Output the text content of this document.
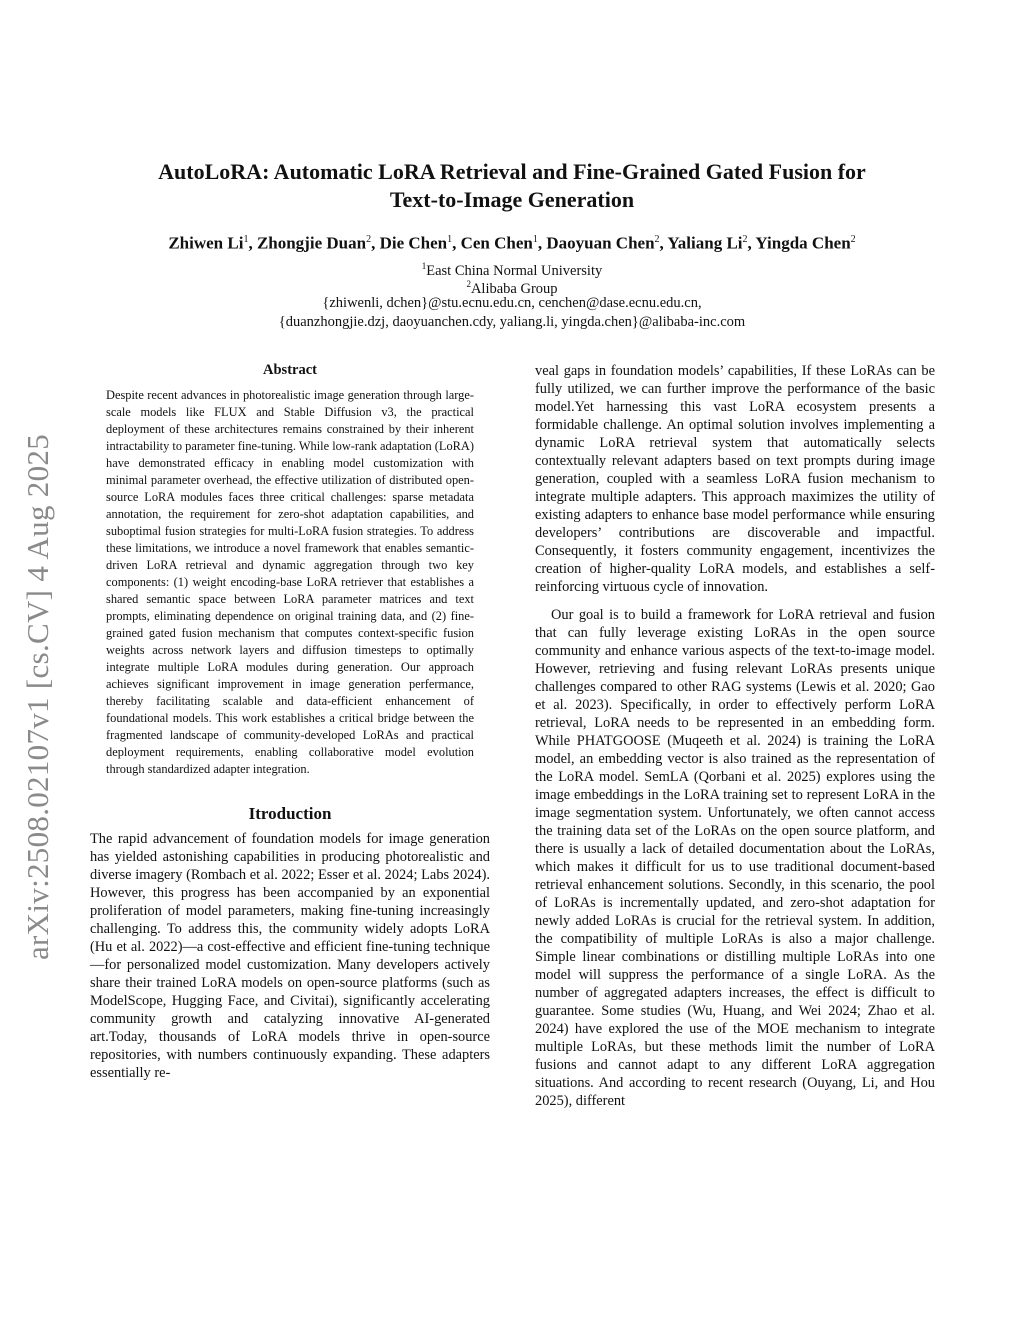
arXiv:2508.02107v1 [cs.CV] 4 Aug 2025
AutoLoRA: Automatic LoRA Retrieval and Fine-Grained Gated Fusion for
Text-to-Image Generation
Zhiwen Li$^1$, Zhongjie Duan$^2$, Die Chen$^1$, Cen Chen$^1$, Daoyuan Chen$^2$, Yaliang Li$^2$, Yingda Chen$^2$
$^1$East China Normal University
$^2$Alibaba Group
{zhiwenli, dchen}@stu.ecnu.edu.cn, cenchen@dase.ecnu.edu.cn,
{duanzhongjie.dzj, daoyuanchen.cdy, yaliang.li, yingda.chen}@alibaba-inc.com
Abstract

Despite recent advances in photorealistic image generation through large-scale models like FLUX and Stable Diffusion v3, the practical deployment of these architectures remains constrained by their inherent intractability to parameter fine-tuning. While low-rank adaptation (LoRA) have demonstrated efficacy in enabling model customization with minimal parameter overhead, the effective utilization of distributed open-source LoRA modules faces three critical challenges: sparse metadata annotation, the requirement for zero-shot adaptation capabilities, and suboptimal fusion strategies for multi-LoRA fusion strategies. To address these limitations, we introduce a novel framework that enables semantic-driven LoRA retrieval and dynamic aggregation through two key components: (1) weight encoding-base LoRA retriever that establishes a shared semantic space between LoRA parameter matrices and text prompts, eliminating dependence on original training data, and (2) fine-grained gated fusion mechanism that computes context-specific fusion weights across network layers and diffusion timesteps to optimally integrate multiple LoRA modules during generation. Our approach achieves significant improvement in image generation perfermance, thereby facilitating scalable and data-efficient enhancement of foundational models. This work establishes a critical bridge between the fragmented landscape of community-developed LoRAs and practical deployment requirements, enabling collaborative model evolution through standardized adapter integration.

Itroduction

The rapid advancement of foundation models for image generation has yielded astonishing capabilities in producing photorealistic and diverse imagery (Rombach et al. 2022; Esser et al. 2024; Labs 2024). However, this progress has been accompanied by an exponential proliferation of model parameters, making fine-tuning increasingly challenging. To address this, the community widely adopts LoRA (Hu et al. 2022)—a cost-effective and efficient fine-tuning technique—for personalized model customization. Many developers actively share their trained LoRA models on open-source platforms (such as ModelScope, Hugging Face, and Civitai), significantly accelerating community growth and catalyzing innovative AI-generated art.Today, thousands of LoRA models thrive in open-source repositories, with numbers continuously expanding. These adapters essentially re-

veal gaps in foundation models’ capabilities, If these LoRAs can be fully utilized, we can further improve the performance of the basic model.Yet harnessing this vast LoRA ecosystem presents a formidable challenge. An optimal solution involves implementing a dynamic LoRA retrieval system that automatically selects contextually relevant adapters based on text prompts during image generation, coupled with a seamless LoRA fusion mechanism to integrate multiple adapters. This approach maximizes the utility of existing adapters to enhance base model performance while ensuring developers’ contributions are discoverable and impactful. Consequently, it fosters community engagement, incentivizes the creation of higher-quality LoRA models, and establishes a self-reinforcing virtuous cycle of innovation.

Our goal is to build a framework for LoRA retrieval and fusion that can fully leverage existing LoRAs in the open source community and enhance various aspects of the text-to-image model. However, retrieving and fusing relevant LoRAs presents unique challenges compared to other RAG systems (Lewis et al. 2020; Gao et al. 2023). Specifically, in order to effectively perform LoRA retrieval, LoRA needs to be represented in an embedding form. While PHATGOOSE (Muqeeth et al. 2024) is training the LoRA model, an embedding vector is also trained as the representation of the LoRA model. SemLA (Qorbani et al. 2025) explores using the image embeddings in the LoRA training set to represent LoRA in the image segmentation system. Unfortunately, we often cannot access the training data set of the LoRAs on the open source platform, and there is usually a lack of detailed documentation about the LoRAs, which makes it difficult for us to use traditional document-based retrieval enhancement solutions. Secondly, in this scenario, the pool of LoRAs is incrementally updated, and zero-shot adaptation for newly added LoRAs is crucial for the retrieval system. In addition, the compatibility of multiple LoRAs is also a major challenge. Simple linear combinations or distilling multiple LoRAs into one model will suppress the performance of a single LoRA. As the number of aggregated adapters increases, the effect is difficult to guarantee. Some studies (Wu, Huang, and Wei 2024; Zhao et al. 2024) have explored the use of the MOE mechanism to integrate multiple LoRAs, but these methods limit the number of LoRA fusions and cannot adapt to any different LoRA aggregation situations. And according to recent research (Ouyang, Li, and Hou 2025), different
